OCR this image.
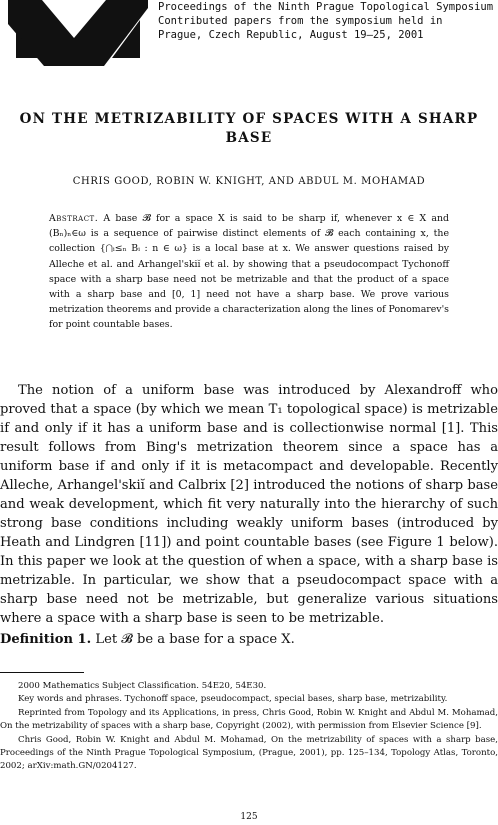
Proceedings of the Ninth Prague Topological Symposium
Contributed papers from the symposium held in
Prague, Czech Republic, August 19–25, 2001
ON THE METRIZABILITY OF SPACES WITH A SHARP
BASE
CHRIS GOOD, ROBIN W. KNIGHT, AND ABDUL M. MOHAMAD
Abstract. A base 𝓑 for a space X is said to be sharp if, whenever x ∈ X and (Bₙ)ₙ∈ω is a sequence of pairwise distinct elements of 𝓑 each containing x, the collection {⋂ᵢ≤ₙ Bᵢ : n ∈ ω} is a local base at x. We answer questions raised by Alleche et al. and Arhangel'skiĭ et al. by showing that a pseudocompact Tychonoff space with a sharp base need not be metrizable and that the product of a space with a sharp base and [0, 1] need not have a sharp base. We prove various metrization theorems and provide a characterization along the lines of Ponomarev's for point countable bases.

The notion of a uniform base was introduced by Alexandroff who proved that a space (by which we mean T₁ topological space) is metrizable if and only if it has a uniform base and is collectionwise normal [1]. This result follows from Bing's metrization theorem since a space has a uniform base if and only if it is metacompact and developable. Recently Alleche, Arhangel'skiĭ and Calbrix [2] introduced the notions of sharp base and weak development, which fit very naturally into the hierarchy of such strong base conditions including weakly uniform bases (introduced by Heath and Lindgren [11]) and point countable bases (see Figure 1 below). In this paper we look at the question of when a space, with a sharp base is metrizable. In particular, we show that a pseudocompact space with a sharp base need not be metrizable, but generalize various situations where a space with a sharp base is seen to be metrizable.

Definition 1. Let 𝓑 be a base for a space X.

2000 Mathematics Subject Classification. 54E20, 54E30.

Key words and phrases. Tychonoff space, pseudocompact, special bases, sharp base, metrizability.

Reprinted from Topology and its Applications, in press, Chris Good, Robin W. Knight and Abdul M. Mohamad, On the metrizability of spaces with a sharp base, Copyright (2002), with permission from Elsevier Science [9].

Chris Good, Robin W. Knight and Abdul M. Mohamad, On the metrizability of spaces with a sharp base, Proceedings of the Ninth Prague Topological Symposium, (Prague, 2001), pp. 125–134, Topology Atlas, Toronto, 2002; arXiv:math.GN/0204127.

125
